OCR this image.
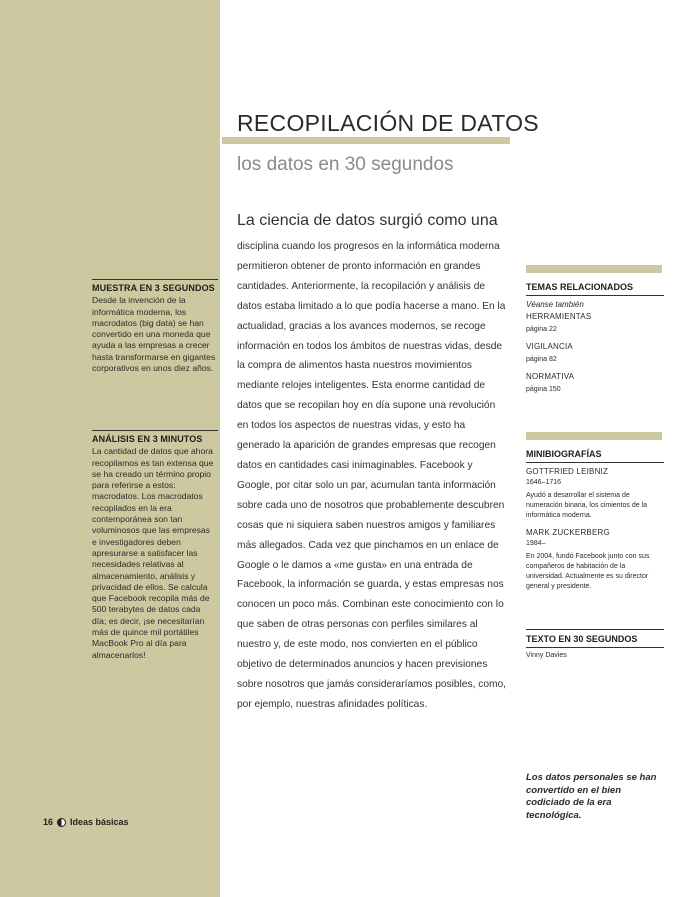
MUESTRA EN 3 SEGUNDOS
Desde la invención de la informática moderna, los macrodatos (big data) se han convertido en una moneda que ayuda a las empresas a crecer hasta transformarse en gigantes corporativos en unos diez años.
ANÁLISIS EN 3 MINUTOS
La cantidad de datos que ahora recopilamos es tan extensa que se ha creado un término propio para referirse a estos: macrodatos. Los macrodatos recopilados en la era contemporánea son tan voluminosos que las empresas e investigadores deben apresurarse a satisfacer las necesidades relativas al almacenamiento, análisis y privacidad de ellos. Se calcula que Facebook recopila más de 500 terabytes de datos cada día; es decir, ¡se necesitarían más de quince mil portátiles MacBook Pro al día para almacenarlos!
16 Ideas básicas
RECOPILACIÓN DE DATOS
los datos en 30 segundos
La ciencia de datos surgió como una

disciplina cuando los progresos en la informática moderna permitieron obtener de pronto información en grandes cantidades. Anteriormente, la recopilación y análisis de datos estaba limitado a lo que podía hacerse a mano. En la actualidad, gracias a los avances modernos, se recoge información en todos los ámbitos de nuestras vidas, desde la compra de alimentos hasta nuestros movimientos mediante relojes inteligentes. Esta enorme cantidad de datos que se recopilan hoy en día supone una revolución en todos los aspectos de nuestras vidas, y esto ha generado la aparición de grandes empresas que recogen datos en cantidades casi inimaginables. Facebook y Google, por citar solo un par, acumulan tanta información sobre cada uno de nosotros que probablemente descubren cosas que ni siquiera saben nuestros amigos y familiares más allegados. Cada vez que pinchamos en un enlace de Google o le damos a «me gusta» en una entrada de Facebook, la información se guarda, y estas empresas nos conocen un poco más. Combinan este conocimiento con lo que saben de otras personas con perfiles similares al nuestro y, de este modo, nos convierten en el público objetivo de determinados anuncios y hacen previsiones sobre nosotros que jamás consideraríamos posibles, como, por ejemplo, nuestras afinidades políticas.

TEMAS RELACIONADOS
Véanse también
HERRAMIENTAS
página 22
VIGILANCIA
página 82
NORMATIVA
página 150
MINIBIOGRAFÍAS
GOTTFRIED LEIBNIZ
1646–1716
Ayudó a desarrollar el sistema de numeración binaria, los cimientos de la informática moderna.
MARK ZUCKERBERG
1984–
En 2004, fundó Facebook junto con sus compañeros de habitación de la universidad. Actualmente es su director general y presidente.
TEXTO EN 30 SEGUNDOS
Vinny Davies
Los datos personales se han convertido en el bien codiciado de la era tecnológica.
